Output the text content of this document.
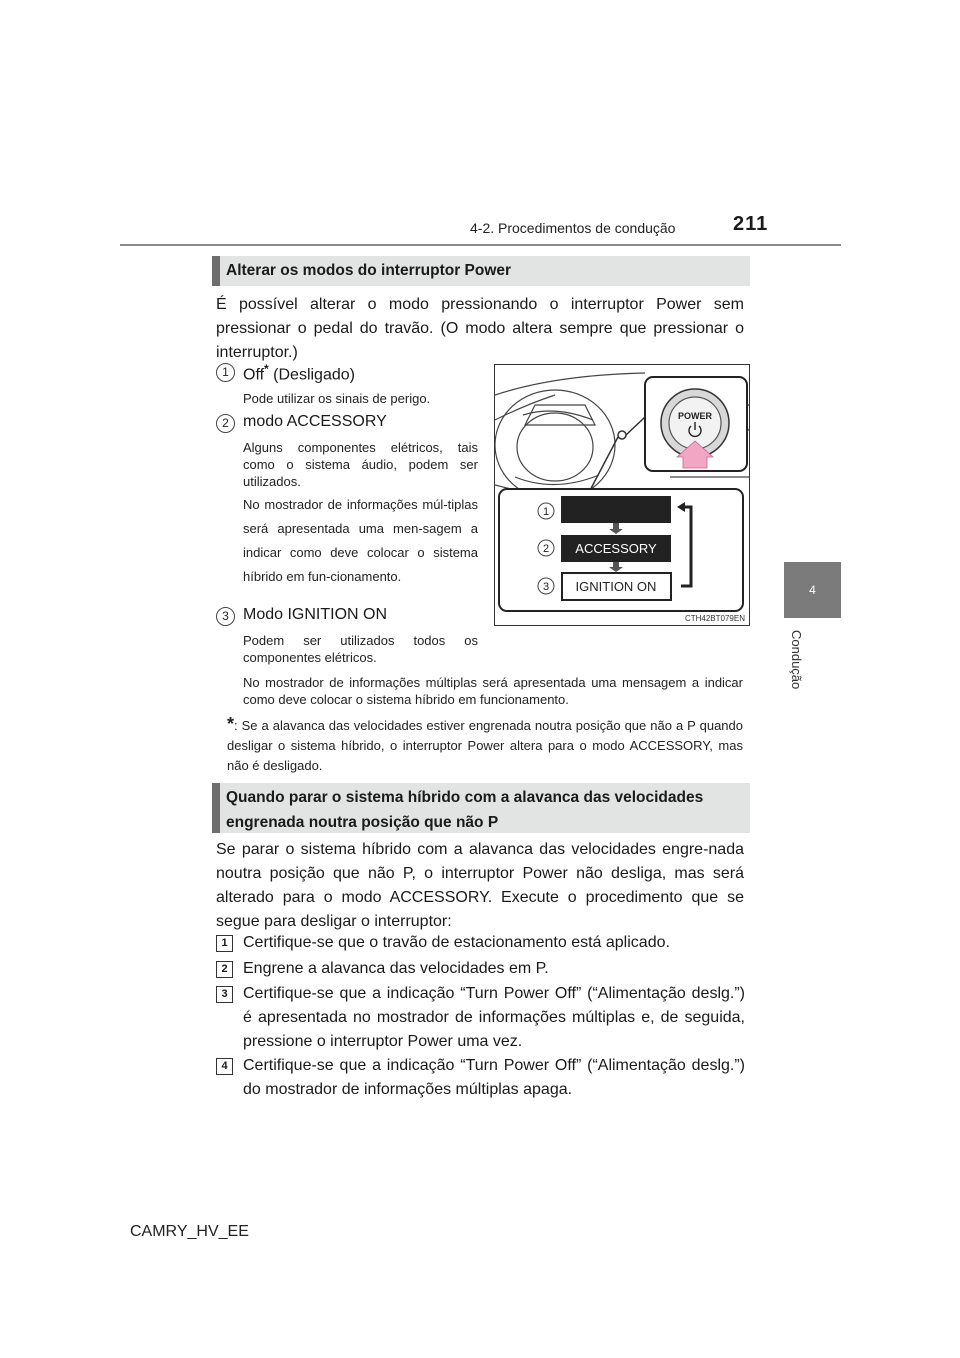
4-2. Procedimentos de condução	211
4
Condução
Alterar os modos do interruptor Power
É possível alterar o modo pressionando o interruptor Power sem pressionar o pedal do travão. (O modo altera sempre que pressionar o interruptor.)
1 Off* (Desligado)
Pode utilizar os sinais de perigo.
2 modo ACCESSORY
Alguns componentes elétricos, tais como o sistema áudio, podem ser utilizados.
No mostrador de informações múl-tiplas será apresentada uma men-sagem a indicar como deve colocar o sistema híbrido em fun-cionamento.
3 Modo IGNITION ON
Podem ser utilizados todos os componentes elétricos.
No mostrador de informações múltiplas será apresentada uma mensagem a indicar como deve colocar o sistema híbrido em funcionamento.
*: Se a alavanca das velocidades estiver engrenada noutra posição que não a P quando desligar o sistema híbrido, o interruptor Power altera para o modo ACCESSORY, mas não é desligado.
POWER
1
2
3
ACCESSORY
IGNITION ON
CTH42BT079EN
Quando parar o sistema híbrido com a alavanca das velocidades
engrenada noutra posição que não P
Se parar o sistema híbrido com a alavanca das velocidades engre-nada noutra posição que não P, o interruptor Power não desliga, mas será alterado para o modo ACCESSORY. Execute o procedimento que se segue para desligar o interruptor:
1 Certifique-se que o travão de estacionamento está aplicado.
2 Engrene a alavanca das velocidades em P.
3 Certifique-se que a indicação “Turn Power Off” (“Alimentação deslg.”) é apresentada no mostrador de informações múltiplas e, de seguida, pressione o interruptor Power uma vez.
4 Certifique-se que a indicação “Turn Power Off” (“Alimentação deslg.”) do mostrador de informações múltiplas apaga.
CAMRY_HV_EE
